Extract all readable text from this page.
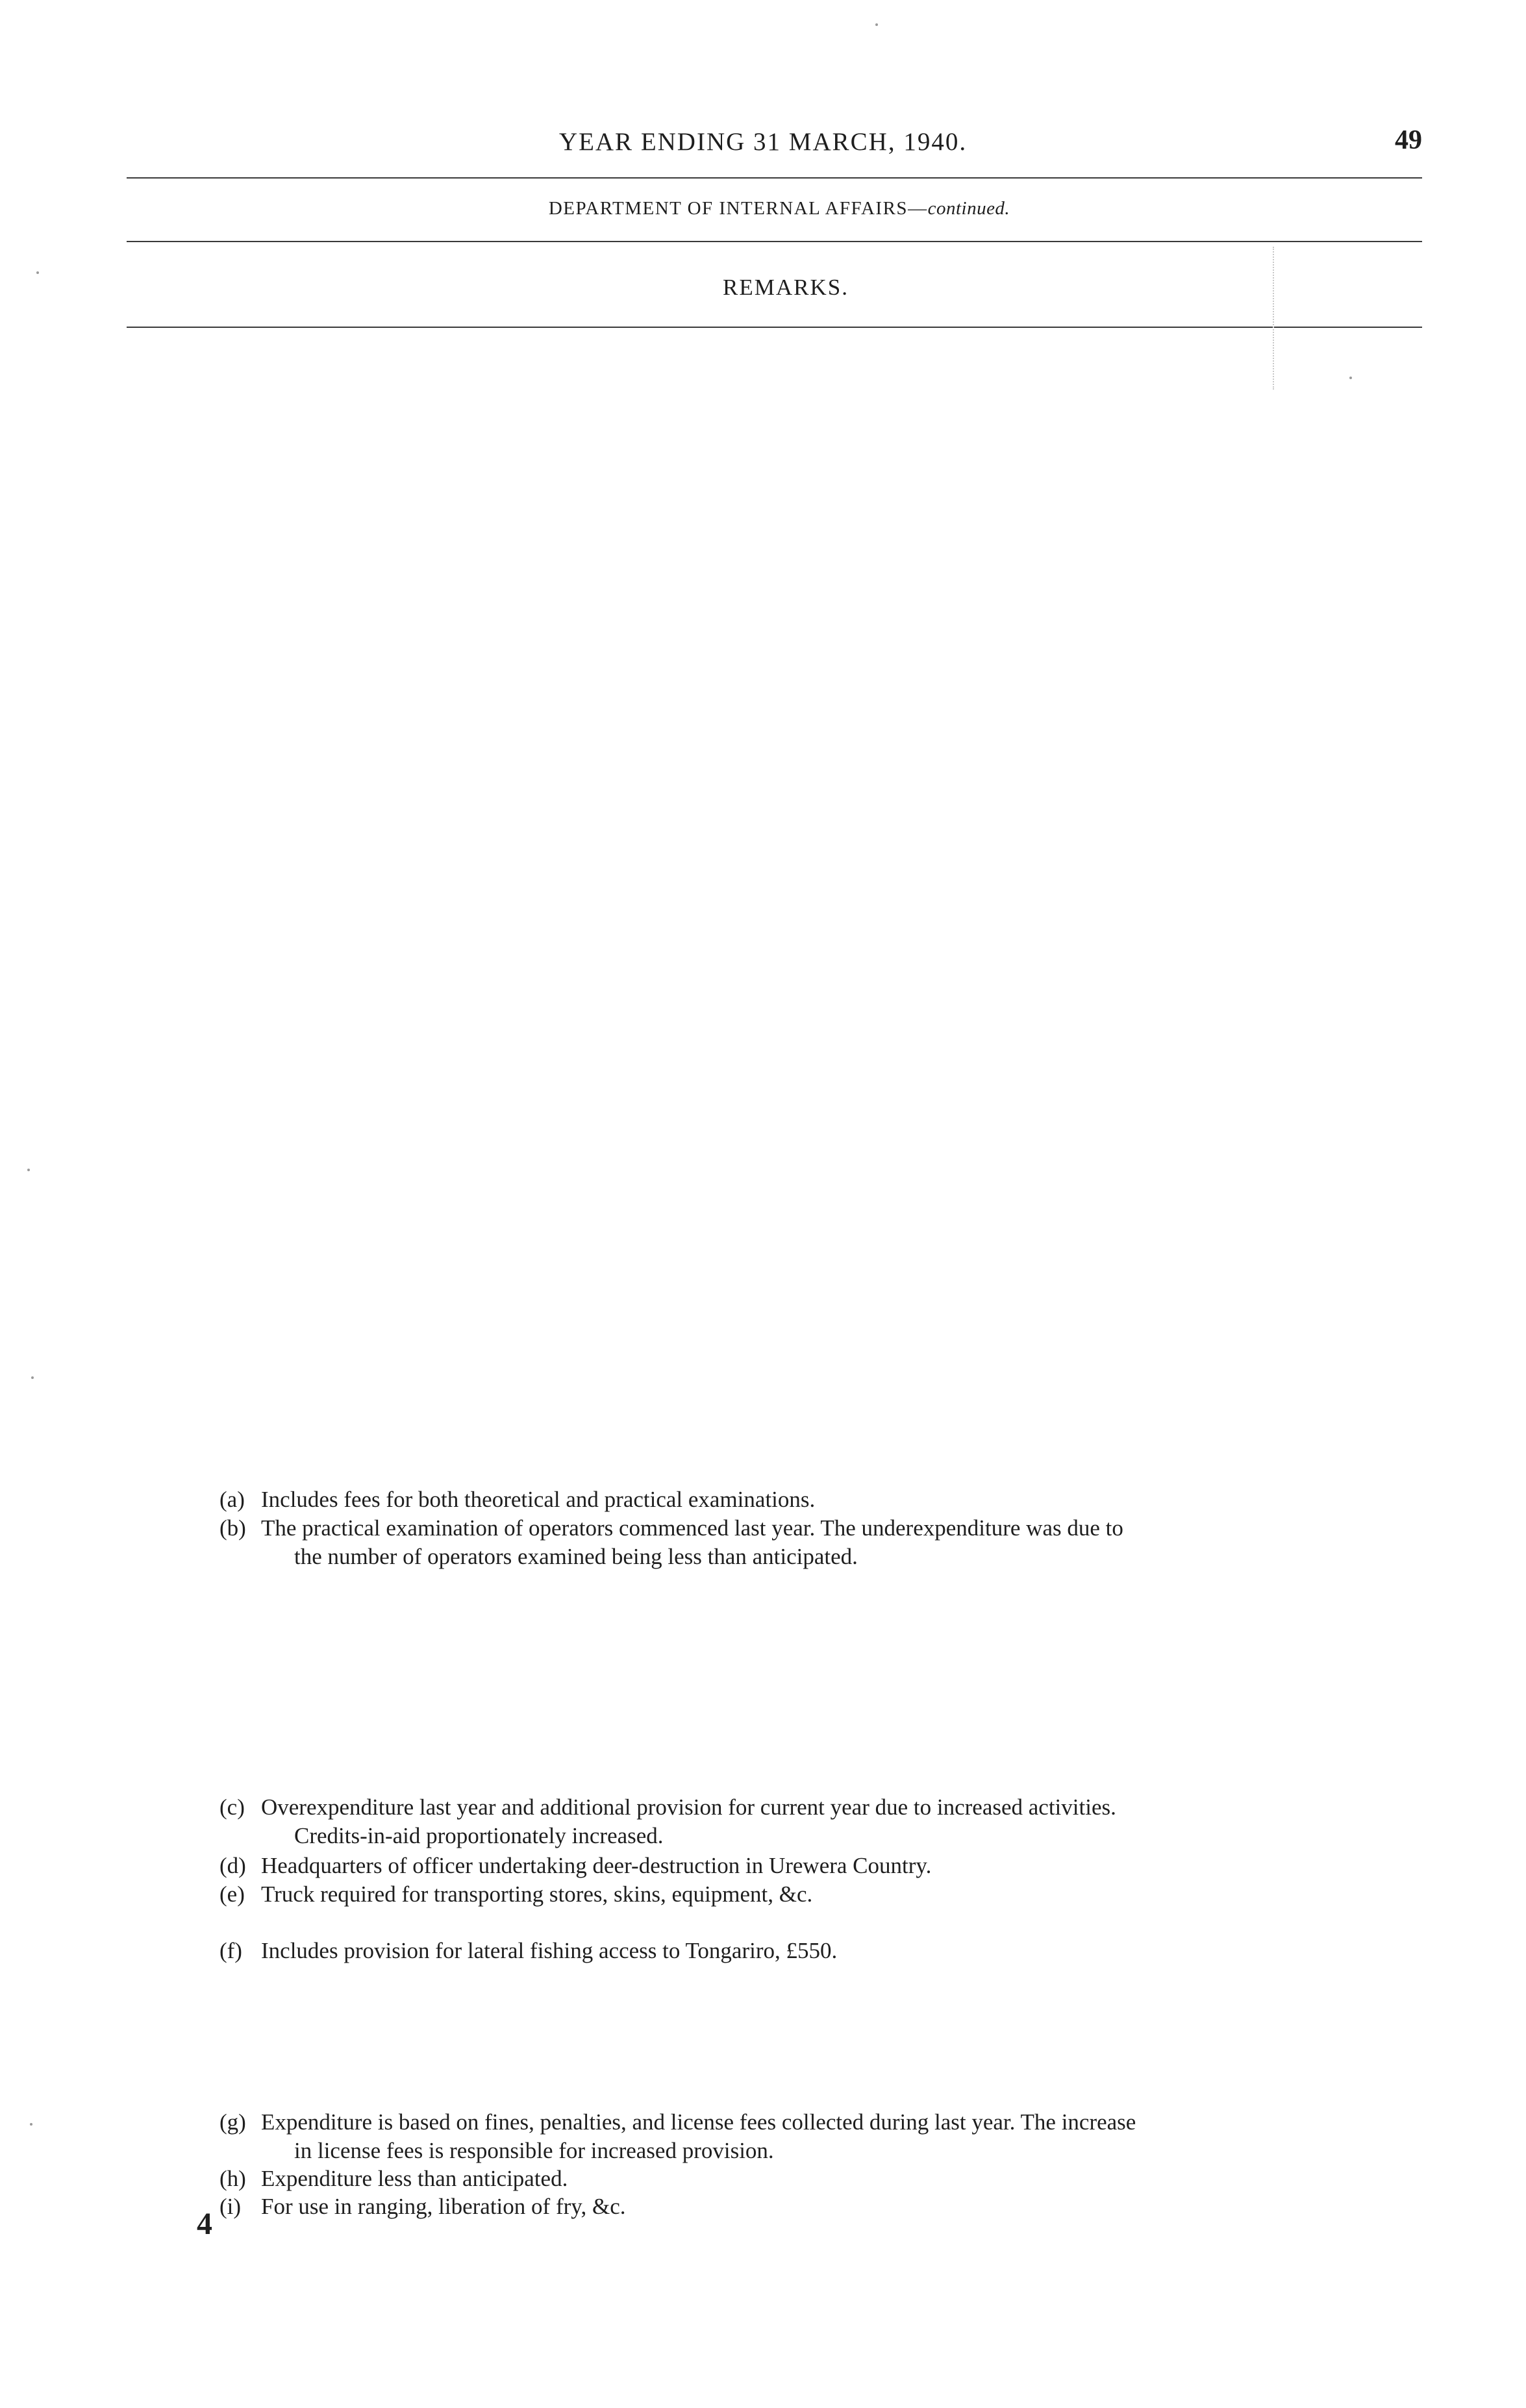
YEAR ENDING 31 MARCH, 1940.	49
DEPARTMENT OF INTERNAL AFFAIRS—continued.
REMARKS.
(a) Includes fees for both theoretical and practical examinations.
(b) The practical examination of operators commenced last year. The underexpenditure was due to
the number of operators examined being less than anticipated.
(c) Overexpenditure last year and additional provision for current year due to increased activities.
Credits-in-aid proportionately increased.
(d) Headquarters of officer undertaking deer-destruction in Urewera Country.
(e) Truck required for transporting stores, skins, equipment, &c.
(f) Includes provision for lateral fishing access to Tongariro, £550.
(g) Expenditure is based on fines, penalties, and license fees collected during last year. The increase
in license fees is responsible for increased provision.
(h) Expenditure less than anticipated.
(i) For use in ranging, liberation of fry, &c.
4
